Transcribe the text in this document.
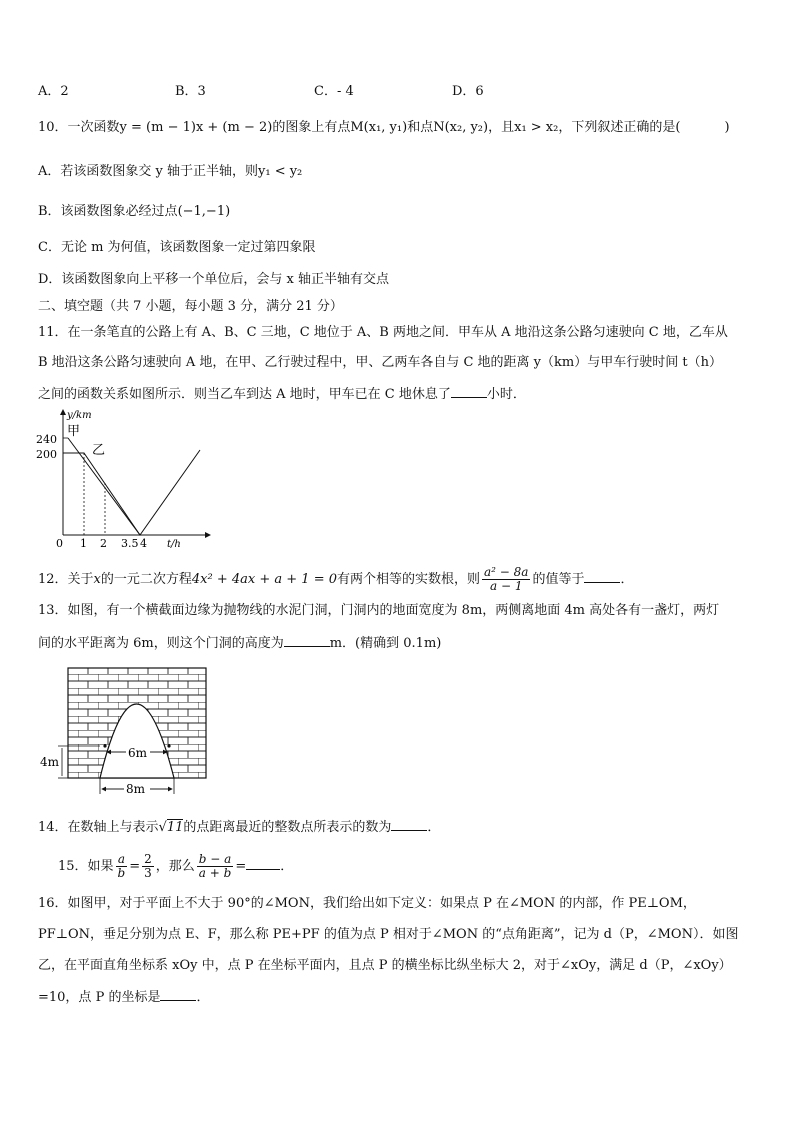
A．2	B．3	C．- 4	D．6
10．一次函数y = (m − 1)x + (m − 2)的图象上有点M(x₁, y₁)和点N(x₂, y₂)，且x₁ > x₂，下列叙述正确的是(	)
A．若该函数图象交 y 轴于正半轴，则y₁ < y₂
B．该函数图象必经过点(−1,−1)
C．无论 m 为何值，该函数图象一定过第四象限
D．该函数图象向上平移一个单位后，会与 x 轴正半轴有交点
二、填空题（共 7 小题，每小题 3 分，满分 21 分）
11．在一条笔直的公路上有 A、B、C 三地，C 地位于 A、B 两地之间．甲车从 A 地沿这条公路匀速驶向 C 地，乙车从
B 地沿这条公路匀速驶向 A 地，在甲、乙行驶过程中，甲、乙两车各自与 C 地的距离 y（km）与甲车行驶时间 t（h）
之间的函数关系如图所示．则当乙车到达 A 地时，甲车已在 C 地休息了	小时．
y/km
t/h
240
200
0 1 2 3.5 4
甲
乙
12．关于x的一元二次方程4x² + 4ax + a + 1 = 0有两个相等的实数根，则 $\frac{\text{a² − 8a}}{a - 1}$ 的值等于	．
13．如图，有一个横截面边缘为抛物线的水泥门洞，门洞内的地面宽度为 8m，两侧离地面 4m 高处各有一盏灯，两灯
间的水平距离为 6m，则这个门洞的高度为	m．(精确到 0.1m)
6m
4m
8m
14．在数轴上与表示√11的点距离最近的整数点所表示的数为	．
15．如果 $\frac{a}{b} = \frac{2}{3}$ ，那么 $\frac{b - a}{a + b}$ =	．
16．如图甲，对于平面上不大于 90°的∠MON，我们给出如下定义：如果点 P 在∠MON 的内部，作 PE⊥OM，
PF⊥ON，垂足分别为点 E、F，那么称 PE+PF 的值为点 P 相对于∠MON 的“点角距离”，记为 d（P，∠MON）．如图
乙，在平面直角坐标系 xOy 中，点 P 在坐标平面内，且点 P 的横坐标比纵坐标大 2，对于∠xOy，满足 d（P，∠xOy）
=10，点 P 的坐标是	．
